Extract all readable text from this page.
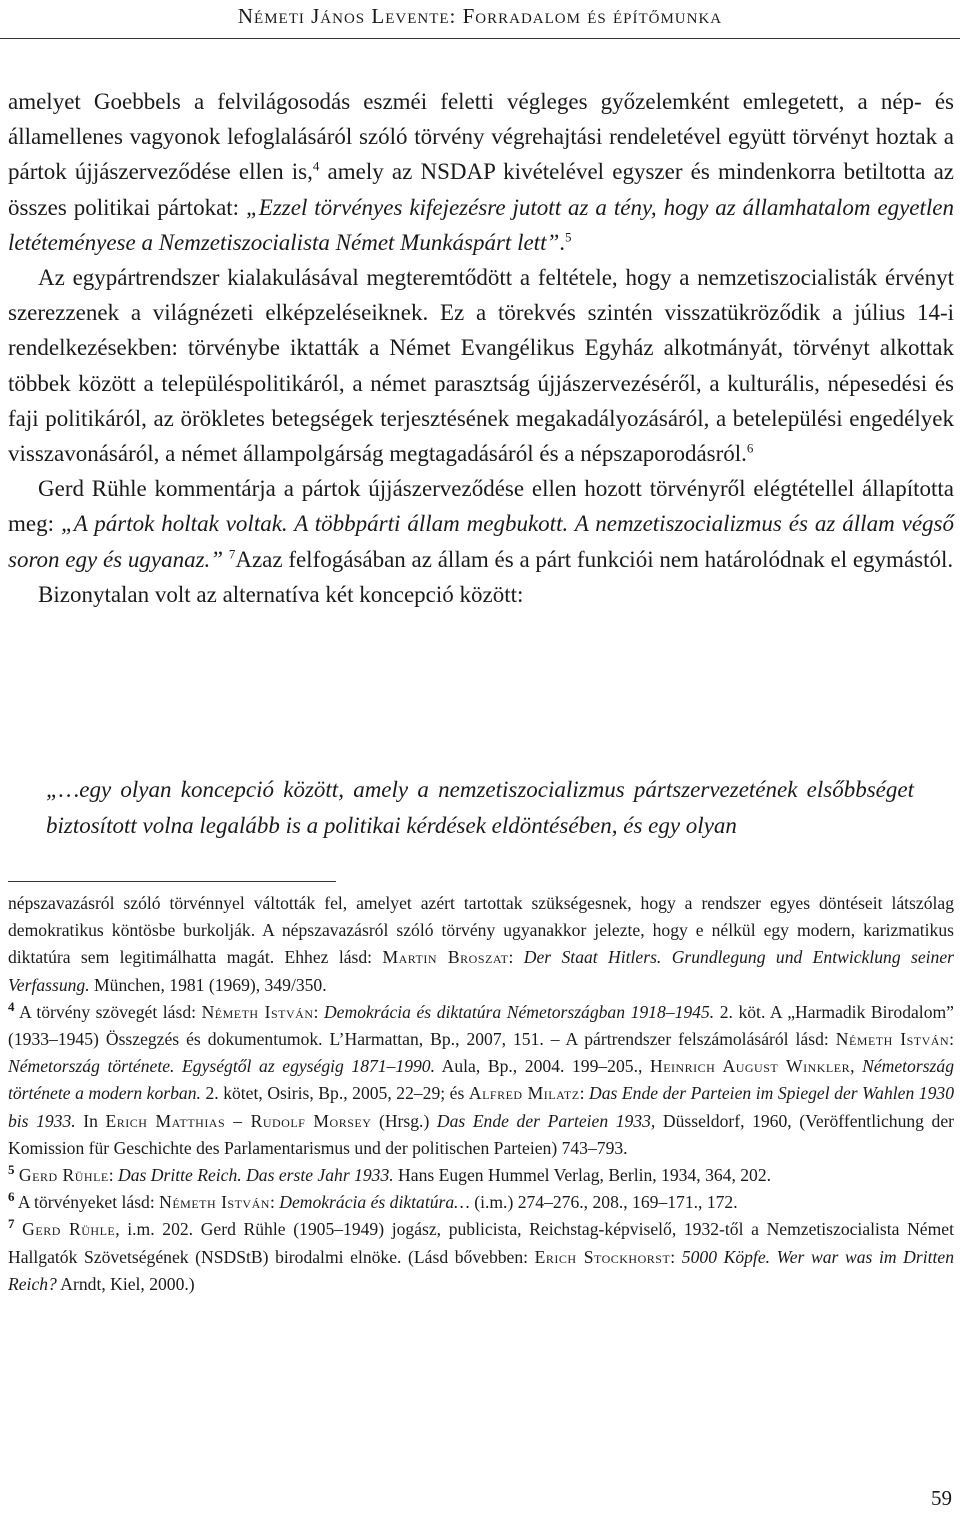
Németi János Levente: Forradalom és építőmunka

amelyet Goebbels a felvilágosodás eszméi feletti végleges győzelemként emlegetett, a nép- és államellenes vagyonok lefoglalásáról szóló törvény végrehajtási rendeletével együtt törvényt hoztak a pártok újjászerveződése ellen is,$^4$ amely az NSDAP kivételével egyszer és mindenkorra betiltotta az összes politikai pártokat: „Ezzel törvényes kifejezésre jutott az a tény, hogy az államhatalom egyetlen letéteményese a Nemzetiszocialista Német Munkáspárt lett”.$^5$

Az egypártrendszer kialakulásával megteremtődött a feltétele, hogy a nemzetiszocialisták érvényt szerezzenek a világnézeti elképzeléseiknek. Ez a törekvés szintén visszatükröződik a július 14-i rendelkezésekben: törvénybe iktatták a Német Evangélikus Egyház alkotmányát, törvényt alkottak többek között a településpolitikáról, a német parasztság újjászervezéséről, a kulturális, népesedési és faji politikáról, az örökletes betegségek terjesztésének megakadályozásáról, a betelepülési engedélyek visszavonásáról, a német állampolgárság megtagadásáról és a népszaporodásról.$^6$

Gerd Rühle kommentárja a pártok újjászerveződése ellen hozott törvényről elégtétellel állapította meg: „A pártok holtak voltak. A többpárti állam megbukott. A nemzetiszocializmus és az állam végső soron egy és ugyanaz.” $^7$Azaz felfogásában az állam és a párt funkciói nem határolódnak el egymástól.

Bizonytalan volt az alternatíva két koncepció között:

„…egy olyan koncepció között, amely a nemzetiszocializmus pártszervezetének elsőbbséget biztosított volna legalább is a politikai kérdések eldöntésében, és egy olyan

népszavazásról szóló törvénnyel váltották fel, amelyet azért tartottak szükségesnek, hogy a rendszer egyes döntéseit látszólag demokratikus köntösbe burkolják. A népszavazásról szóló törvény ugyanakkor jelezte, hogy e nélkül egy modern, karizmatikus diktatúra sem legitimálhatta magát. Ehhez lásd: Martin Broszat: Der Staat Hitlers. Grundlegung und Entwicklung seiner Verfassung. München, 1981 (1969), 349/350.

$^4$ A törvény szövegét lásd: Németh István: Demokrácia és diktatúra Németországban 1918–1945. 2. köt. A „Harmadik Birodalom” (1933–1945) Összegzés és dokumentumok. L’Harmattan, Bp., 2007, 151. – A pártrendszer felszámolásáról lásd: Németh István: Németország története. Egységtől az egységig 1871–1990. Aula, Bp., 2004. 199–205., Heinrich August Winkler, Németország története a modern korban. 2. kötet, Osiris, Bp., 2005, 22–29; és Alfred Milatz: Das Ende der Parteien im Spiegel der Wahlen 1930 bis 1933. In Erich Matthias – Rudolf Morsey (Hrsg.) Das Ende der Parteien 1933, Düsseldorf, 1960, (Veröffentlichung der Komission für Geschichte des Parlamentarismus und der politischen Parteien) 743–793.

$^5$ Gerd Rühle: Das Dritte Reich. Das erste Jahr 1933. Hans Eugen Hummel Verlag, Berlin, 1934, 364, 202.

$^6$ A törvényeket lásd: Németh István: Demokrácia és diktatúra… (i.m.) 274–276., 208., 169–171., 172.

$^7$ Gerd Rühle, i.m. 202. Gerd Rühle (1905–1949) jogász, publicista, Reichstag-képviselő, 1932-től a Nemzetiszocialista Német Hallgatók Szövetségének (NSDStB) birodalmi elnöke. (Lásd bővebben: Erich Stockhorst: 5000 Köpfe. Wer war was im Dritten Reich? Arndt, Kiel, 2000.)

59
